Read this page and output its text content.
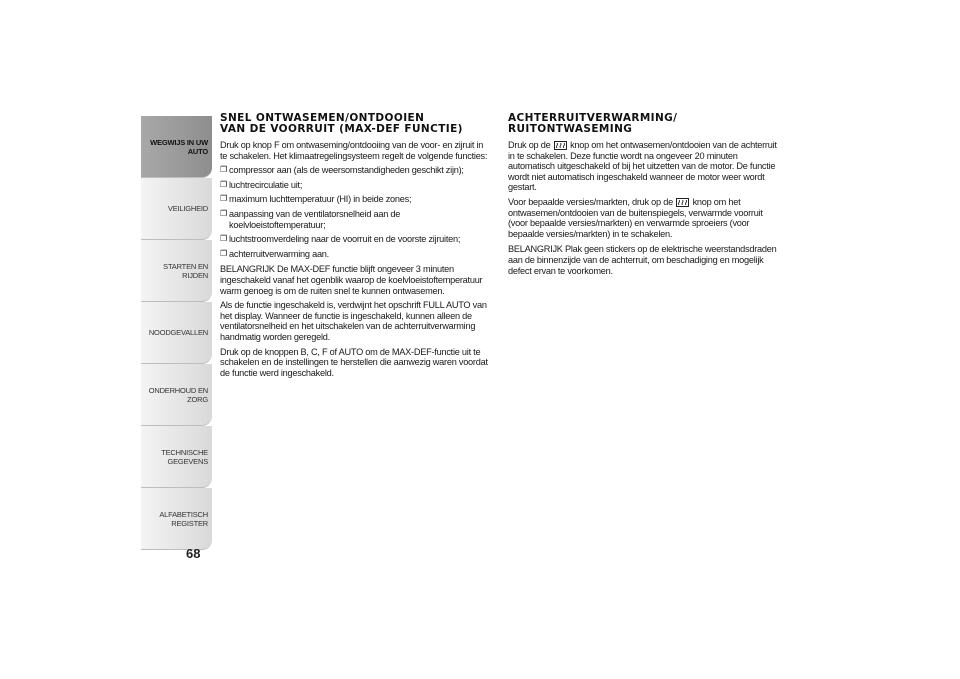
WEGWIJS IN UW
AUTO
VEILIGHEID
STARTEN EN RIJDEN
NOODGEVALLEN
ONDERHOUD EN
ZORG
TECHNISCHE
GEGEVENS
ALFABETISCH
REGISTER
68
SNEL ONTWASEMEN/ONTDOOIEN
VAN DE VOORRUIT (MAX-DEF FUNCTIE)

Druk op knop F om ontwaseming/ontdooiing van de voor- en zijruit in te schakelen. Het klimaatregelingsysteem regelt de volgende functies:

❐ compressor aan (als de weersomstandigheden geschikt zijn);
❐ luchtrecirculatie uit;
❐ maximum luchttemperatuur (HI) in beide zones;
❐ aanpassing van de ventilatorsnelheid aan de koelvloeistoftemperatuur;
❐ luchtstroomverdeling naar de voorruit en de voorste zijruiten;
❐ achterruitverwarming aan.

BELANGRIJK De MAX-DEF functie blijft ongeveer 3 minuten ingeschakeld vanaf het ogenblik waarop de koelvloeistoftemperatuur warm genoeg is om de ruiten snel te kunnen ontwasemen.

Als de functie ingeschakeld is, verdwijnt het opschrift FULL AUTO van het display. Wanneer de functie is ingeschakeld, kunnen alleen de ventilatorsnelheid en het uitschakelen van de achterruitverwarming handmatig worden geregeld.

Druk op de knoppen B, C, F of AUTO om de MAX-DEF-functie uit te schakelen en de instellingen te herstellen die aanwezig waren voordat de functie werd ingeschakeld.

ACHTERRUITVERWARMING/
RUITONTWASEMING

Druk op de knop om het ontwasemen/ontdooien van de achterruit in te schakelen. Deze functie wordt na ongeveer 20 minuten automatisch uitgeschakeld of bij het uitzetten van de motor. De functie wordt niet automatisch ingeschakeld wanneer de motor weer wordt gestart.

Voor bepaalde versies/markten, druk op de knop om het ontwasemen/ontdooien van de buitenspiegels, verwarmde voorruit (voor bepaalde versies/markten) en verwarmde sproeiers (voor bepaalde versies/markten) in te schakelen.

BELANGRIJK Plak geen stickers op de elektrische weerstandsdraden aan de binnenzijde van de achterruit, om beschadiging en mogelijk defect ervan te voorkomen.
